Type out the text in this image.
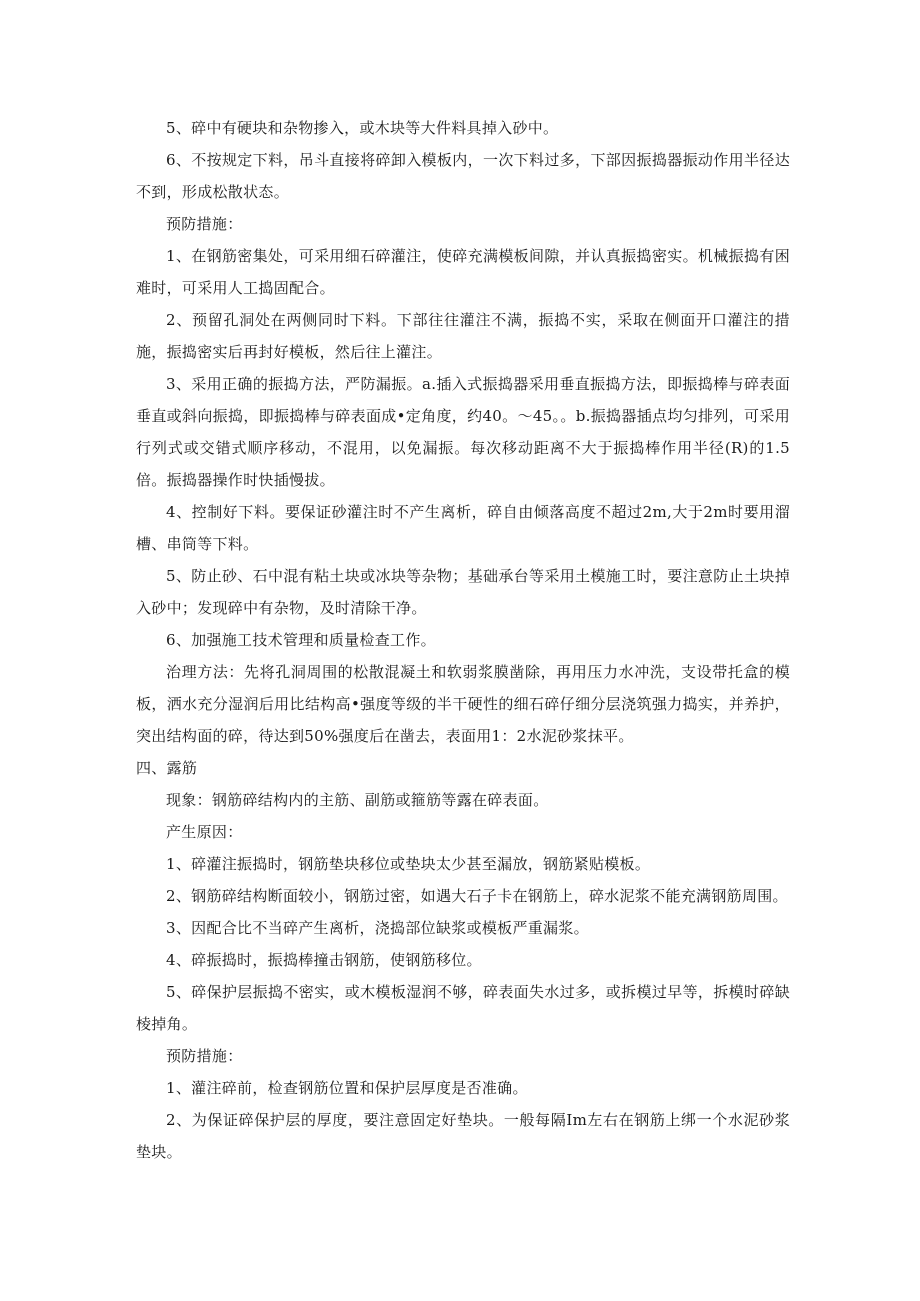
5、碎中有硬块和杂物掺入，或木块等大件料具掉入砂中。

6、不按规定下料，吊斗直接将碎卸入模板内，一次下料过多，下部因振捣器振动作用半径达不到，形成松散状态。

预防措施：

1、在钢筋密集处，可采用细石碎灌注，使碎充满模板间隙，并认真振捣密实。机械振捣有困难时，可采用人工捣固配合。

2、预留孔洞处在两侧同时下料。下部往往灌注不满，振捣不实，采取在侧面开口灌注的措施，振捣密实后再封好模板，然后往上灌注。

3、采用正确的振捣方法，严防漏振。a.插入式振捣器采用垂直振捣方法，即振捣棒与碎表面垂直或斜向振捣，即振捣棒与碎表面成•定角度，约40。～45。。b.振捣器插点均匀排列，可采用行列式或交错式顺序移动，不混用，以免漏振。每次移动距离不大于振捣棒作用半径(R)的1.5倍。振捣器操作时快插慢拔。

4、控制好下料。要保证砂灌注时不产生离析，碎自由倾落高度不超过2m,大于2m时要用溜槽、串筒等下料。

5、防止砂、石中混有粘土块或冰块等杂物；基础承台等采用土模施工时，要注意防止土块掉入砂中；发现碎中有杂物，及时清除干净。

6、加强施工技术管理和质量检查工作。

治理方法：先将孔洞周围的松散混凝土和软弱浆膜凿除，再用压力水冲洗，支设带托盒的模板，洒水充分湿润后用比结构高•强度等级的半干硬性的细石碎仔细分层浇筑强力捣实，并养护，突出结构面的碎，待达到50%强度后在凿去，表面用1：2水泥砂浆抹平。

四、露筋

现象：钢筋碎结构内的主筋、副筋或箍筋等露在碎表面。

产生原因：

1、碎灌注振捣时，钢筋垫块移位或垫块太少甚至漏放，钢筋紧贴模板。

2、钢筋碎结构断面较小，钢筋过密，如遇大石子卡在钢筋上，碎水泥浆不能充满钢筋周围。

3、因配合比不当碎产生离析，浇捣部位缺浆或模板严重漏浆。

4、碎振捣时，振捣棒撞击钢筋，使钢筋移位。

5、碎保护层振捣不密实，或木模板湿润不够，碎表面失水过多，或拆模过早等，拆模时碎缺棱掉角。

预防措施：

1、灌注碎前，检查钢筋位置和保护层厚度是否准确。

2、为保证碎保护层的厚度，要注意固定好垫块。一般每隔Im左右在钢筋上绑一个水泥砂浆垫块。
